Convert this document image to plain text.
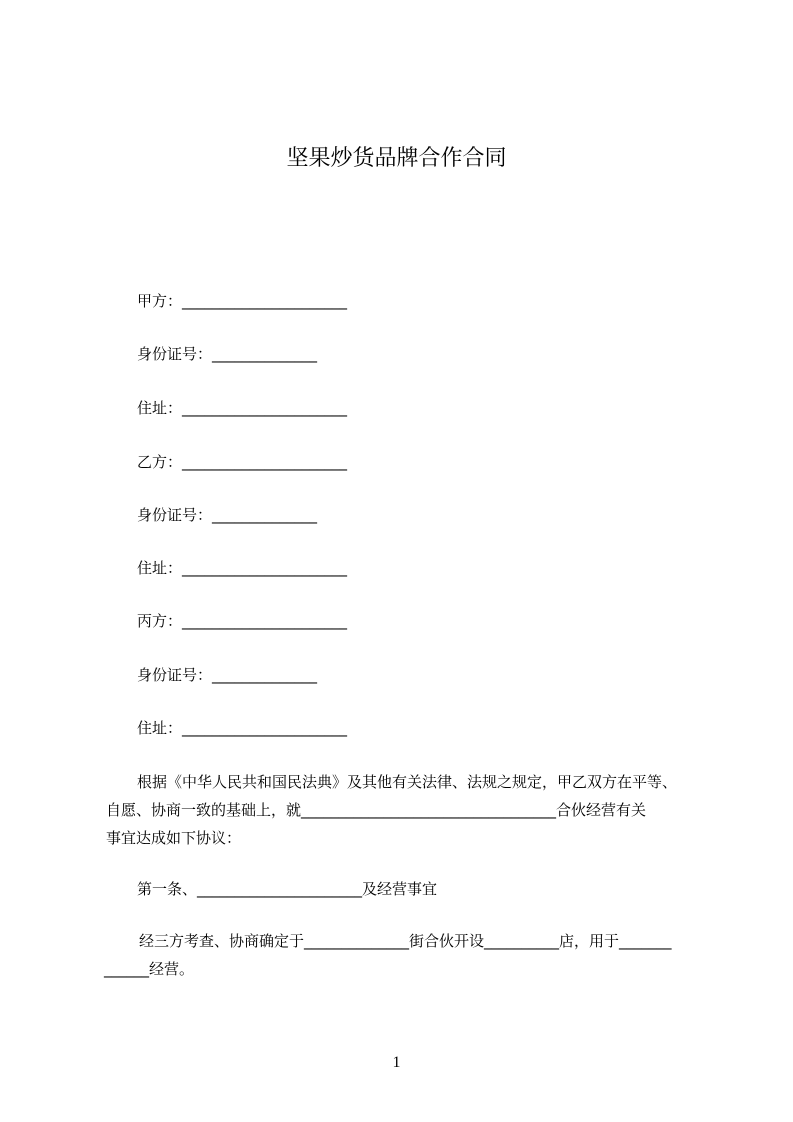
坚果炒货品牌合作合同
甲方：______________________
身份证号：______________
住址：______________________
乙方：______________________
身份证号：______________
住址：______________________
丙方：______________________
身份证号：______________
住址：______________________
根据《中华人民共和国民法典》及其他有关法律、法规之规定，甲乙双方在平等、
自愿、协商一致的基础上，就__________________________________合伙经营有关
事宜达成如下协议：
第一条、______________________及经营事宜
经三方考查、协商确定于______________街合伙开设__________店，用于_______
______经营。
1
